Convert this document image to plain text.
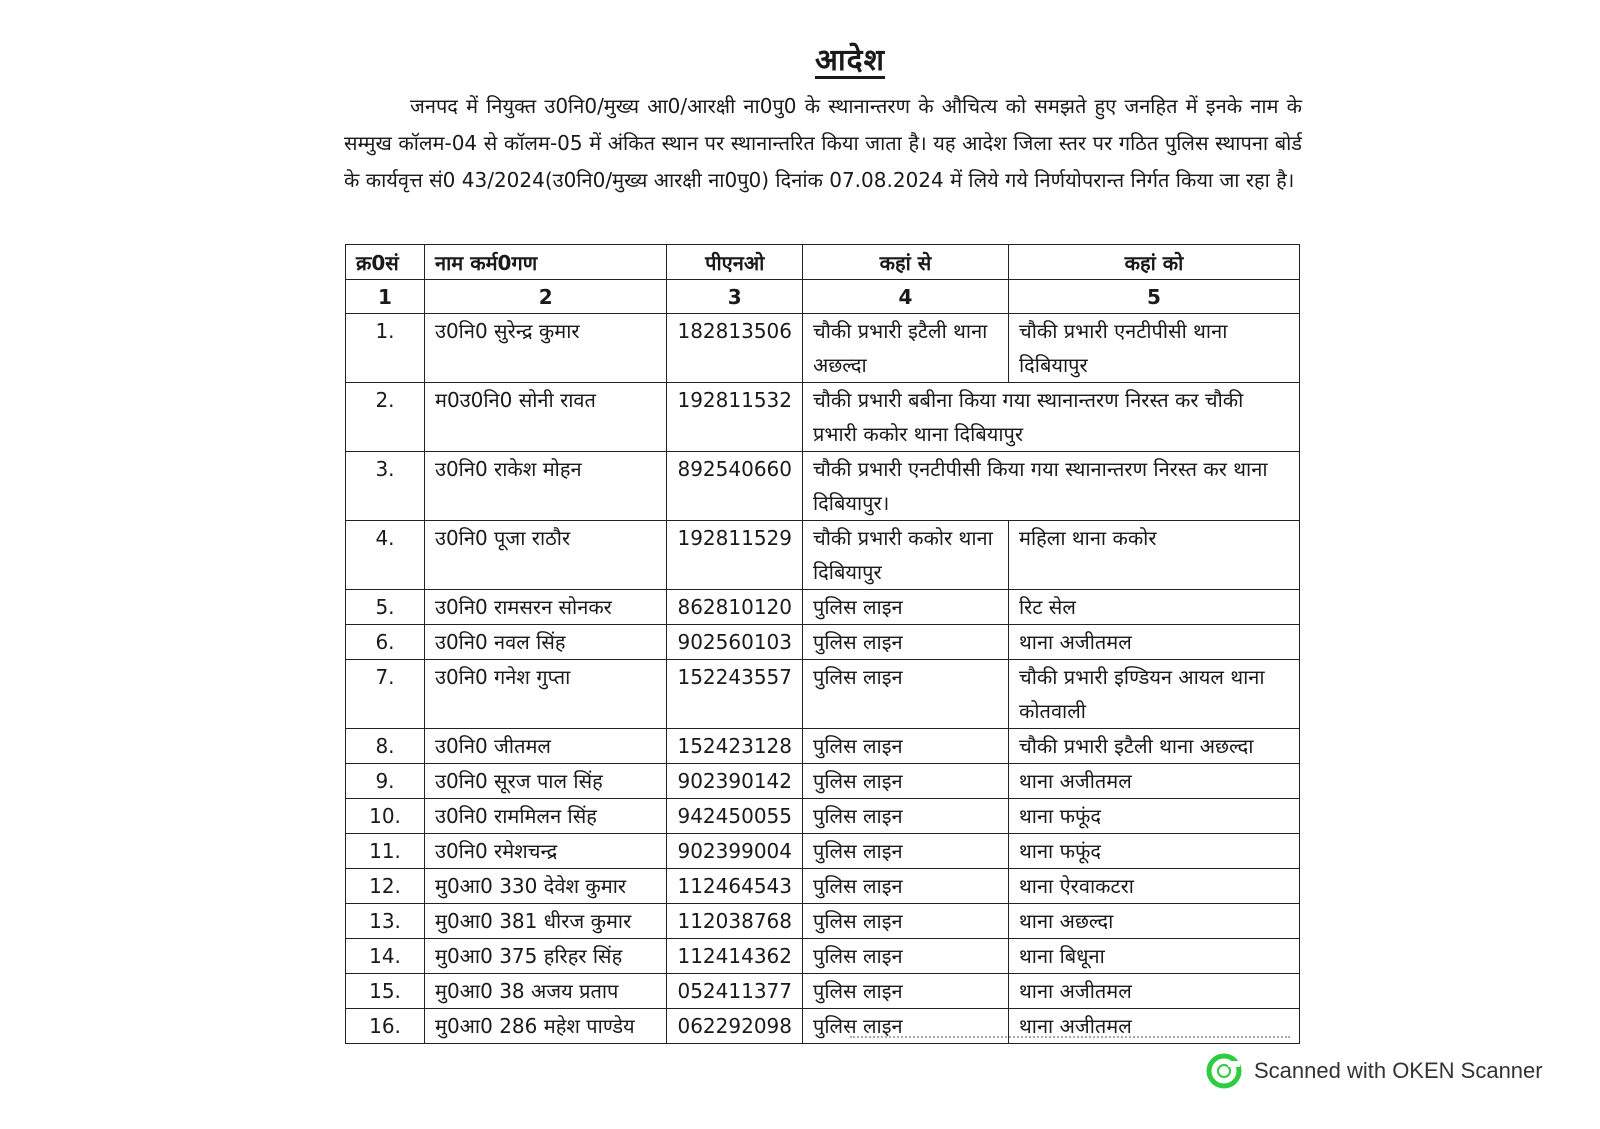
आदेश
जनपद में नियुक्त उ0नि0/मुख्य आ0/आरक्षी ना0पु0 के स्थानान्तरण के औचित्य को समझते हुए जनहित में इनके नाम के सम्मुख कॉलम-04 से कॉलम-05 में अंकित स्थान पर स्थानान्तरित किया जाता है। यह आदेश जिला स्तर पर गठित पुलिस स्थापना बोर्ड के कार्यवृत्त सं0 43/2024(उ0नि0/मुख्य आरक्षी ना0पु0) दिनांक 07.08.2024 में लिये गये निर्णयोपरान्त निर्गत किया जा रहा है।
क्र0सं	नाम कर्म0गण	पीएनओ	कहां से	कहां को
1	2	3	4	5
1.	उ0नि0 सुरेन्द्र कुमार	182813506	चौकी प्रभारी इटैली थाना अछल्दा	चौकी प्रभारी एनटीपीसी थाना दिबियापुर
2.	म0उ0नि0 सोनी रावत	192811532	चौकी प्रभारी बबीना किया गया स्थानान्तरण निरस्त कर चौकी प्रभारी ककोर थाना दिबियापुर	
3.	उ0नि0 राकेश मोहन	892540660	चौकी प्रभारी एनटीपीसी किया गया स्थानान्तरण निरस्त कर थाना दिबियापुर।	
4.	उ0नि0 पूजा राठौर	192811529	चौकी प्रभारी ककोर थाना दिबियापुर	महिला थाना ककोर
5.	उ0नि0 रामसरन सोनकर	862810120	पुलिस लाइन	रिट सेल
6.	उ0नि0 नवल सिंह	902560103	पुलिस लाइन	थाना अजीतमल
7.	उ0नि0 गनेश गुप्ता	152243557	पुलिस लाइन	चौकी प्रभारी इण्डियन आयल थाना कोतवाली
8.	उ0नि0 जीतमल	152423128	पुलिस लाइन	चौकी प्रभारी इटैली थाना अछल्दा
9.	उ0नि0 सूरज पाल सिंह	902390142	पुलिस लाइन	थाना अजीतमल
10.	उ0नि0 राममिलन सिंह	942450055	पुलिस लाइन	थाना फफूंद
11.	उ0नि0 रमेशचन्द्र	902399004	पुलिस लाइन	थाना फफूंद
12.	मु0आ0 330 देवेश कुमार	112464543	पुलिस लाइन	थाना ऐरवाकटरा
13.	मु0आ0 381 धीरज कुमार	112038768	पुलिस लाइन	थाना अछल्दा
14.	मु0आ0 375 हरिहर सिंह	112414362	पुलिस लाइन	थाना बिधूना
15.	मु0आ0 38 अजय प्रताप	052411377	पुलिस लाइन	थाना अजीतमल
16.	मु0आ0 286 महेश पाण्डेय	062292098	पुलिस लाइन	थाना अजीतमल
Scanned with OKEN Scanner
